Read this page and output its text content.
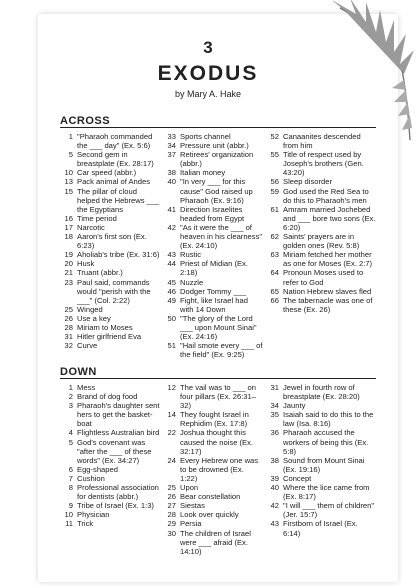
3
EXODUS
by Mary A. Hake
ACROSS
1 "Pharaoh commanded the ___ day" (Ex. 5:6)
5 Second gem in breastplate (Ex. 28:17)
10 Car speed (abbr.)
13 Pack animal of Andes
15 The pillar of cloud helped the Hebrews ___ the Egyptians
16 Time period
17 Narcotic
18 Aaron's first son (Ex. 6:23)
19 Aholiab's tribe (Ex. 31:6)
20 Husk
21 Truant (abbr.)
23 Paul said, commands would "perish with the ___" (Col. 2:22)
25 Winged
26 Use a key
28 Miriam to Moses
31 Hitler girlfriend Eva
32 Curve
33 Sports channel
34 Pressure unit (abbr.)
37 Retirees' organization (abbr.)
38 Italian money
40 "In very ___ for this cause" God raised up Pharaoh (Ex. 9:16)
41 Direction Israelites headed from Egypt
42 "As it were the ___ of heaven in his clearness" (Ex. 24:10)
43 Rustic
44 Priest of Midian (Ex. 2:18)
45 Nuzzle
46 Dodger Tommy ___
49 Fight, like Israel had with 14 Down
50 "The glory of the Lord ___ upon Mount Sinai" (Ex. 24:16)
51 "Hail smote every ___ of the field" (Ex. 9:25)
52 Canaanites descended from him
55 Title of respect used by Joseph's brothers (Gen. 43:20)
56 Sleep disorder
59 God used the Red Sea to do this to Pharaoh's men
61 Amram married Jochebed and ___ bore two sons (Ex. 6:20)
62 Saints' prayers are in golden ones (Rev. 5:8)
63 Miriam fetched her mother as one for Moses (Ex. 2:7)
64 Pronoun Moses used to refer to God
65 Nation Hebrew slaves fled
66 The tabernacle was one of these (Ex. 26)
DOWN
1 Mess
2 Brand of dog food
3 Pharaoh's daughter sent hers to get the basket-boat
4 Flightless Australian bird
5 God's covenant was "after the ___ of these words" (Ex. 34:27)
6 Egg-shaped
7 Cushion
8 Professional association for dentists (abbr.)
9 Tribe of Israel (Ex. 1:3)
10 Physician
11 Trick
12 The vail was to ___ on four pillars (Ex. 26:31–32)
14 They fought Israel in Rephidim (Ex. 17:8)
22 Joshua thought this caused the noise (Ex. 32:17)
24 Every Hebrew one was to be drowned (Ex. 1:22)
25 Upon
26 Bear constellation
27 Siestas
28 Look over quickly
29 Persia
30 The children of Israel were ___ afraid (Ex. 14:10)
31 Jewel in fourth row of breastplate (Ex. 28:20)
34 Jaunty
35 Isaiah said to do this to the law (Isa. 8:16)
36 Pharaoh accused the workers of being this (Ex. 5:8)
38 Sound from Mount Sinai (Ex. 19:16)
39 Concept
40 Where the lice came from (Ex. 8:17)
42 "I will ___ them of children" (Jer. 15:7)
43 Firstborn of Israel (Ex. 6:14)
